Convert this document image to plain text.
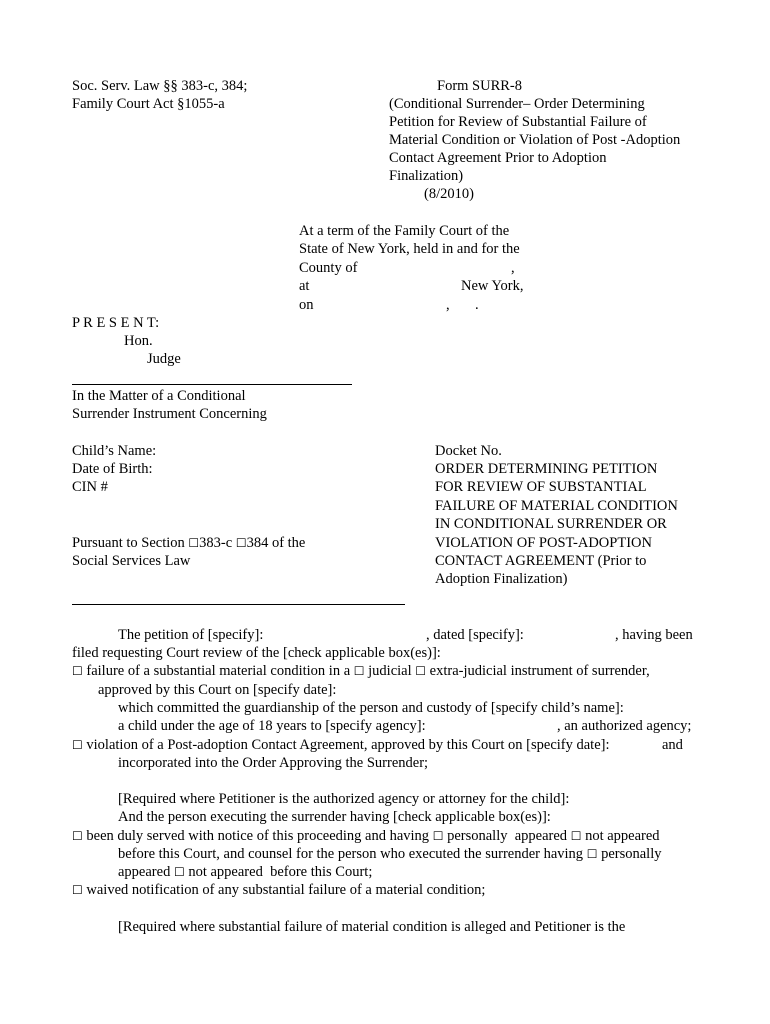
Soc. Serv. Law §§ 383-c, 384;
Family Court Act §1055-a
Form SURR-8
(Conditional Surrender– Order Determining
Petition for Review of Substantial Failure of
Material Condition or Violation of Post -Adoption
Contact Agreement Prior to Adoption
Finalization)
(8/2010)
At a term of the Family Court of the
State of New York, held in and for the
County of	,
at	New York,
on	,       .
P R E S E N T:
Hon.
Judge
In the Matter of a Conditional
Surrender Instrument Concerning
Child’s Name:
Date of Birth:
CIN #
Pursuant to Section ☐383-c ☐384 of the
Social Services Law
Docket No.
ORDER DETERMINING PETITION
FOR REVIEW OF SUBSTANTIAL
FAILURE OF MATERIAL CONDITION
IN CONDITIONAL SURRENDER OR
VIOLATION OF POST-ADOPTION
CONTACT AGREEMENT (Prior to
Adoption Finalization)
The petition of [specify]:	, dated [specify]:	, having been
filed requesting Court review of the [check applicable box(es)]:
☐ failure of a substantial material condition in a ☐ judicial ☐ extra-judicial instrument of surrender,
approved by this Court on [specify date]:
which committed the guardianship of the person and custody of [specify child’s name]:
a child under the age of 18 years to [specify agency]:	, an authorized agency;
☐ violation of a Post-adoption Contact Agreement, approved by this Court on [specify date]:	and
incorporated into the Order Approving the Surrender;
[Required where Petitioner is the authorized agency or attorney for the child]:
And the person executing the surrender having [check applicable box(es)]:
☐ been duly served with notice of this proceeding and having ☐ personally  appeared ☐ not appeared
before this Court, and counsel for the person who executed the surrender having ☐ personally
appeared ☐ not appeared  before this Court;
☐ waived notification of any substantial failure of a material condition;
[Required where substantial failure of material condition is alleged and Petitioner is the
